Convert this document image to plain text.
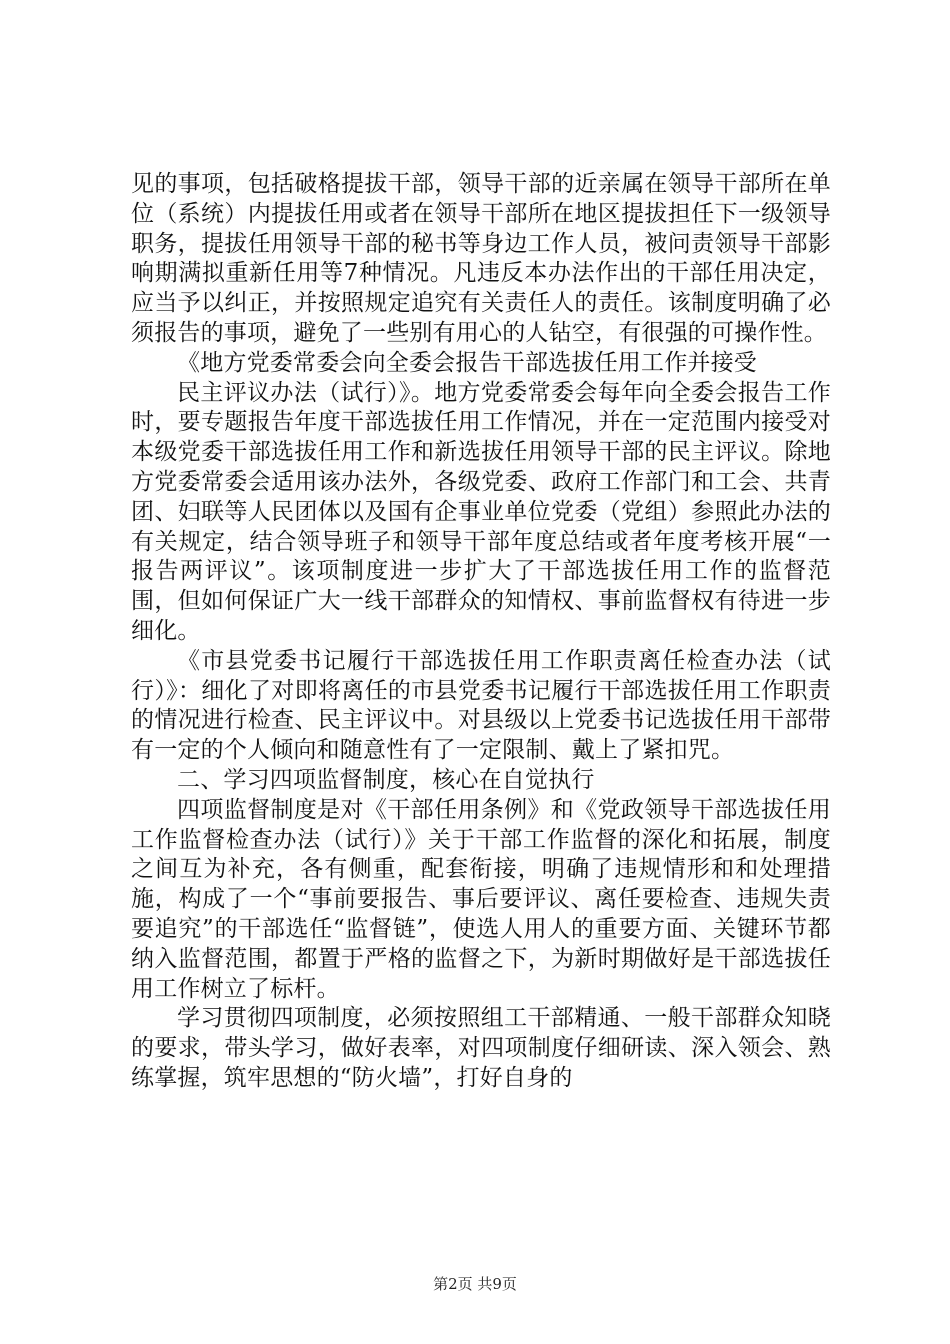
见的事项，包括破格提拔干部，领导干部的近亲属在领导干部所在单位（系统）内提拔任用或者在领导干部所在地区提拔担任下一级领导职务，提拔任用领导干部的秘书等身边工作人员，被问责领导干部影响期满拟重新任用等7种情况。凡违反本办法作出的干部任用决定，应当予以纠正，并按照规定追究有关责任人的责任。该制度明确了必须报告的事项，避免了一些别有用心的人钻空，有很强的可操作性。

《地方党委常委会向全委会报告干部选拔任用工作并接受

民主评议办法（试行）》。地方党委常委会每年向全委会报告工作时，要专题报告年度干部选拔任用工作情况，并在一定范围内接受对本级党委干部选拔任用工作和新选拔任用领导干部的民主评议。除地方党委常委会适用该办法外，各级党委、政府工作部门和工会、共青团、妇联等人民团体以及国有企事业单位党委（党组）参照此办法的有关规定，结合领导班子和领导干部年度总结或者年度考核开展“一报告两评议”。该项制度进一步扩大了干部选拔任用工作的监督范围，但如何保证广大一线干部群众的知情权、事前监督权有待进一步细化。

《市县党委书记履行干部选拔任用工作职责离任检查办法（试行）》：细化了对即将离任的市县党委书记履行干部选拔任用工作职责的情况进行检查、民主评议中。对县级以上党委书记选拔任用干部带有一定的个人倾向和随意性有了一定限制、戴上了紧扣咒。

二、学习四项监督制度，核心在自觉执行

四项监督制度是对《干部任用条例》和《党政领导干部选拔任用工作监督检查办法（试行）》关于干部工作监督的深化和拓展，制度之间互为补充，各有侧重，配套衔接，明确了违规情形和和处理措施，构成了一个“事前要报告、事后要评议、离任要检查、违规失责要追究”的干部选任“监督链”，使选人用人的重要方面、关键环节都纳入监督范围，都置于严格的监督之下，为新时期做好是干部选拔任用工作树立了标杆。

学习贯彻四项制度，必须按照组工干部精通、一般干部群众知晓的要求，带头学习，做好表率，对四项制度仔细研读、深入领会、熟练掌握，筑牢思想的“防火墙”，打好自身的

第2页 共9页
